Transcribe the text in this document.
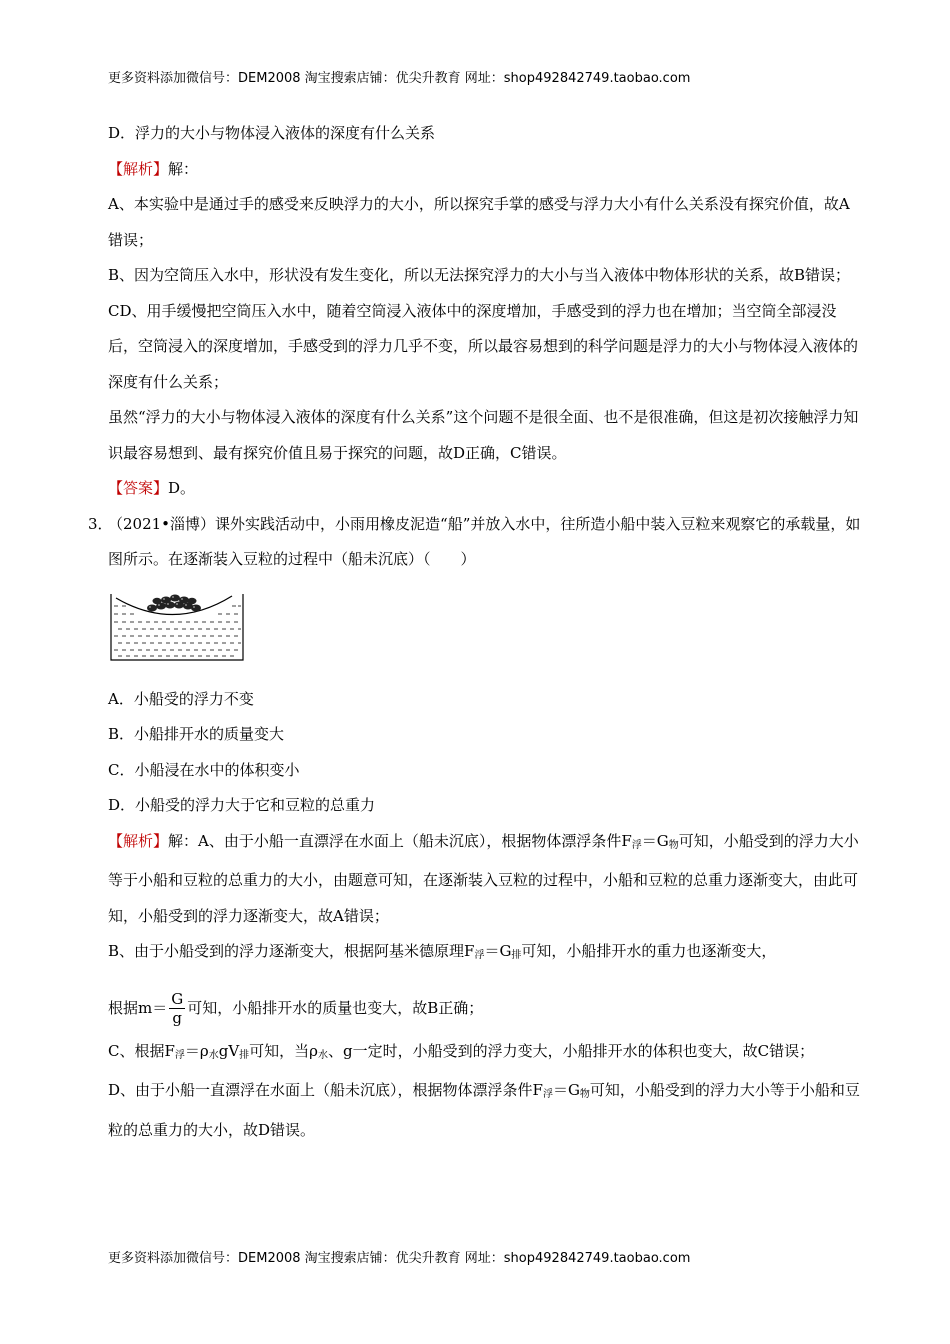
更多资料添加微信号：DEM2008 淘宝搜索店铺：优尖升教育 网址：shop492842749.taobao.com

D．浮力的大小与物体浸入液体的深度有什么关系

【解析】解：

A、本实验中是通过手的感受来反映浮力的大小，所以探究手掌的感受与浮力大小有什么关系没有探究价值，故A错误；

B、因为空筒压入水中，形状没有发生变化，所以无法探究浮力的大小与当入液体中物体形状的关系，故B错误；

CD、用手缓慢把空筒压入水中，随着空筒浸入液体中的深度增加，手感受到的浮力也在增加；当空筒全部浸没后，空筒浸入的深度增加，手感受到的浮力几乎不变，所以最容易想到的科学问题是浮力的大小与物体浸入液体的深度有什么关系；

虽然“浮力的大小与物体浸入液体的深度有什么关系”这个问题不是很全面、也不是很准确，但这是初次接触浮力知识最容易想到、最有探究价值且易于探究的问题，故D正确，C错误。

【答案】D。

3．
（2021•淄博）课外实践活动中，小雨用橡皮泥造“船”并放入水中，往所造小船中装入豆粒来观察它的承载量，如图所示。在逐渐装入豆粒的过程中（船未沉底）（　　）

A．小船受的浮力不变

B．小船排开水的质量变大

C．小船浸在水中的体积变小

D．小船受的浮力大于它和豆粒的总重力

【解析】解：A、由于小船一直漂浮在水面上（船未沉底），根据物体漂浮条件$F_浮=G_物$可知，小船受到的浮力大小等于小船和豆粒的总重力的大小，由题意可知，在逐渐装入豆粒的过程中，小船和豆粒的总重力逐渐变大，由此可知，小船受到的浮力逐渐变大，故A错误；

B、由于小船受到的浮力逐渐变大，根据阿基米德原理$F_浮=G_排$可知，小船排开水的重力也逐渐变大，

根据$m= \frac{G}{g}$ 可知，小船排开水的质量也变大，故B正确；

C、根据$F_浮=\rho_水gV_排$可知，当$\rho_水$、g一定时，小船受到的浮力变大，小船排开水的体积也变大，故C错误；

D、由于小船一直漂浮在水面上（船未沉底），根据物体漂浮条件$F_浮=G_物$可知，小船受到的浮力大小等于小船和豆粒的总重力的大小，故D错误。

更多资料添加微信号：DEM2008 淘宝搜索店铺：优尖升教育 网址：shop492842749.taobao.com
